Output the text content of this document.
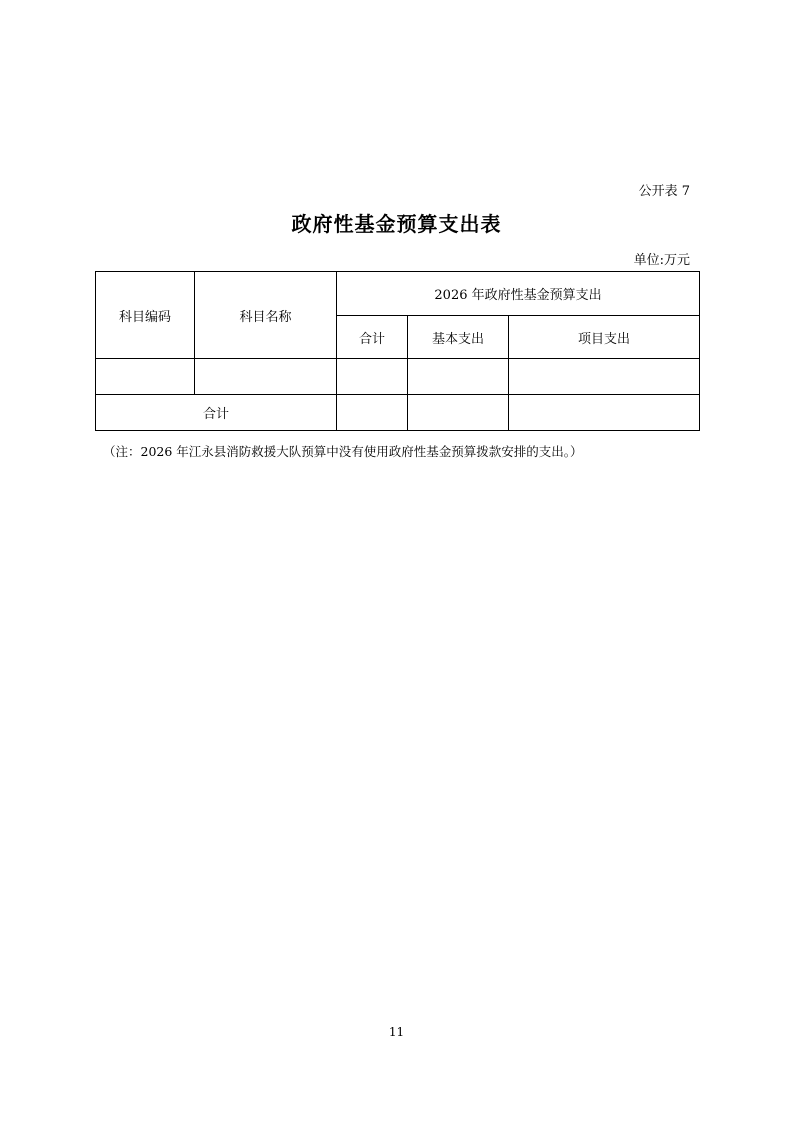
公开表 7
政府性基金预算支出表
单位:万元
科目编码	科目名称	2026 年政府性基金预算支出		
		合计	基本支出	项目支出

合计				
（注：2026 年江永县消防救援大队预算中没有使用政府性基金预算拨款安排的支出。）
11
